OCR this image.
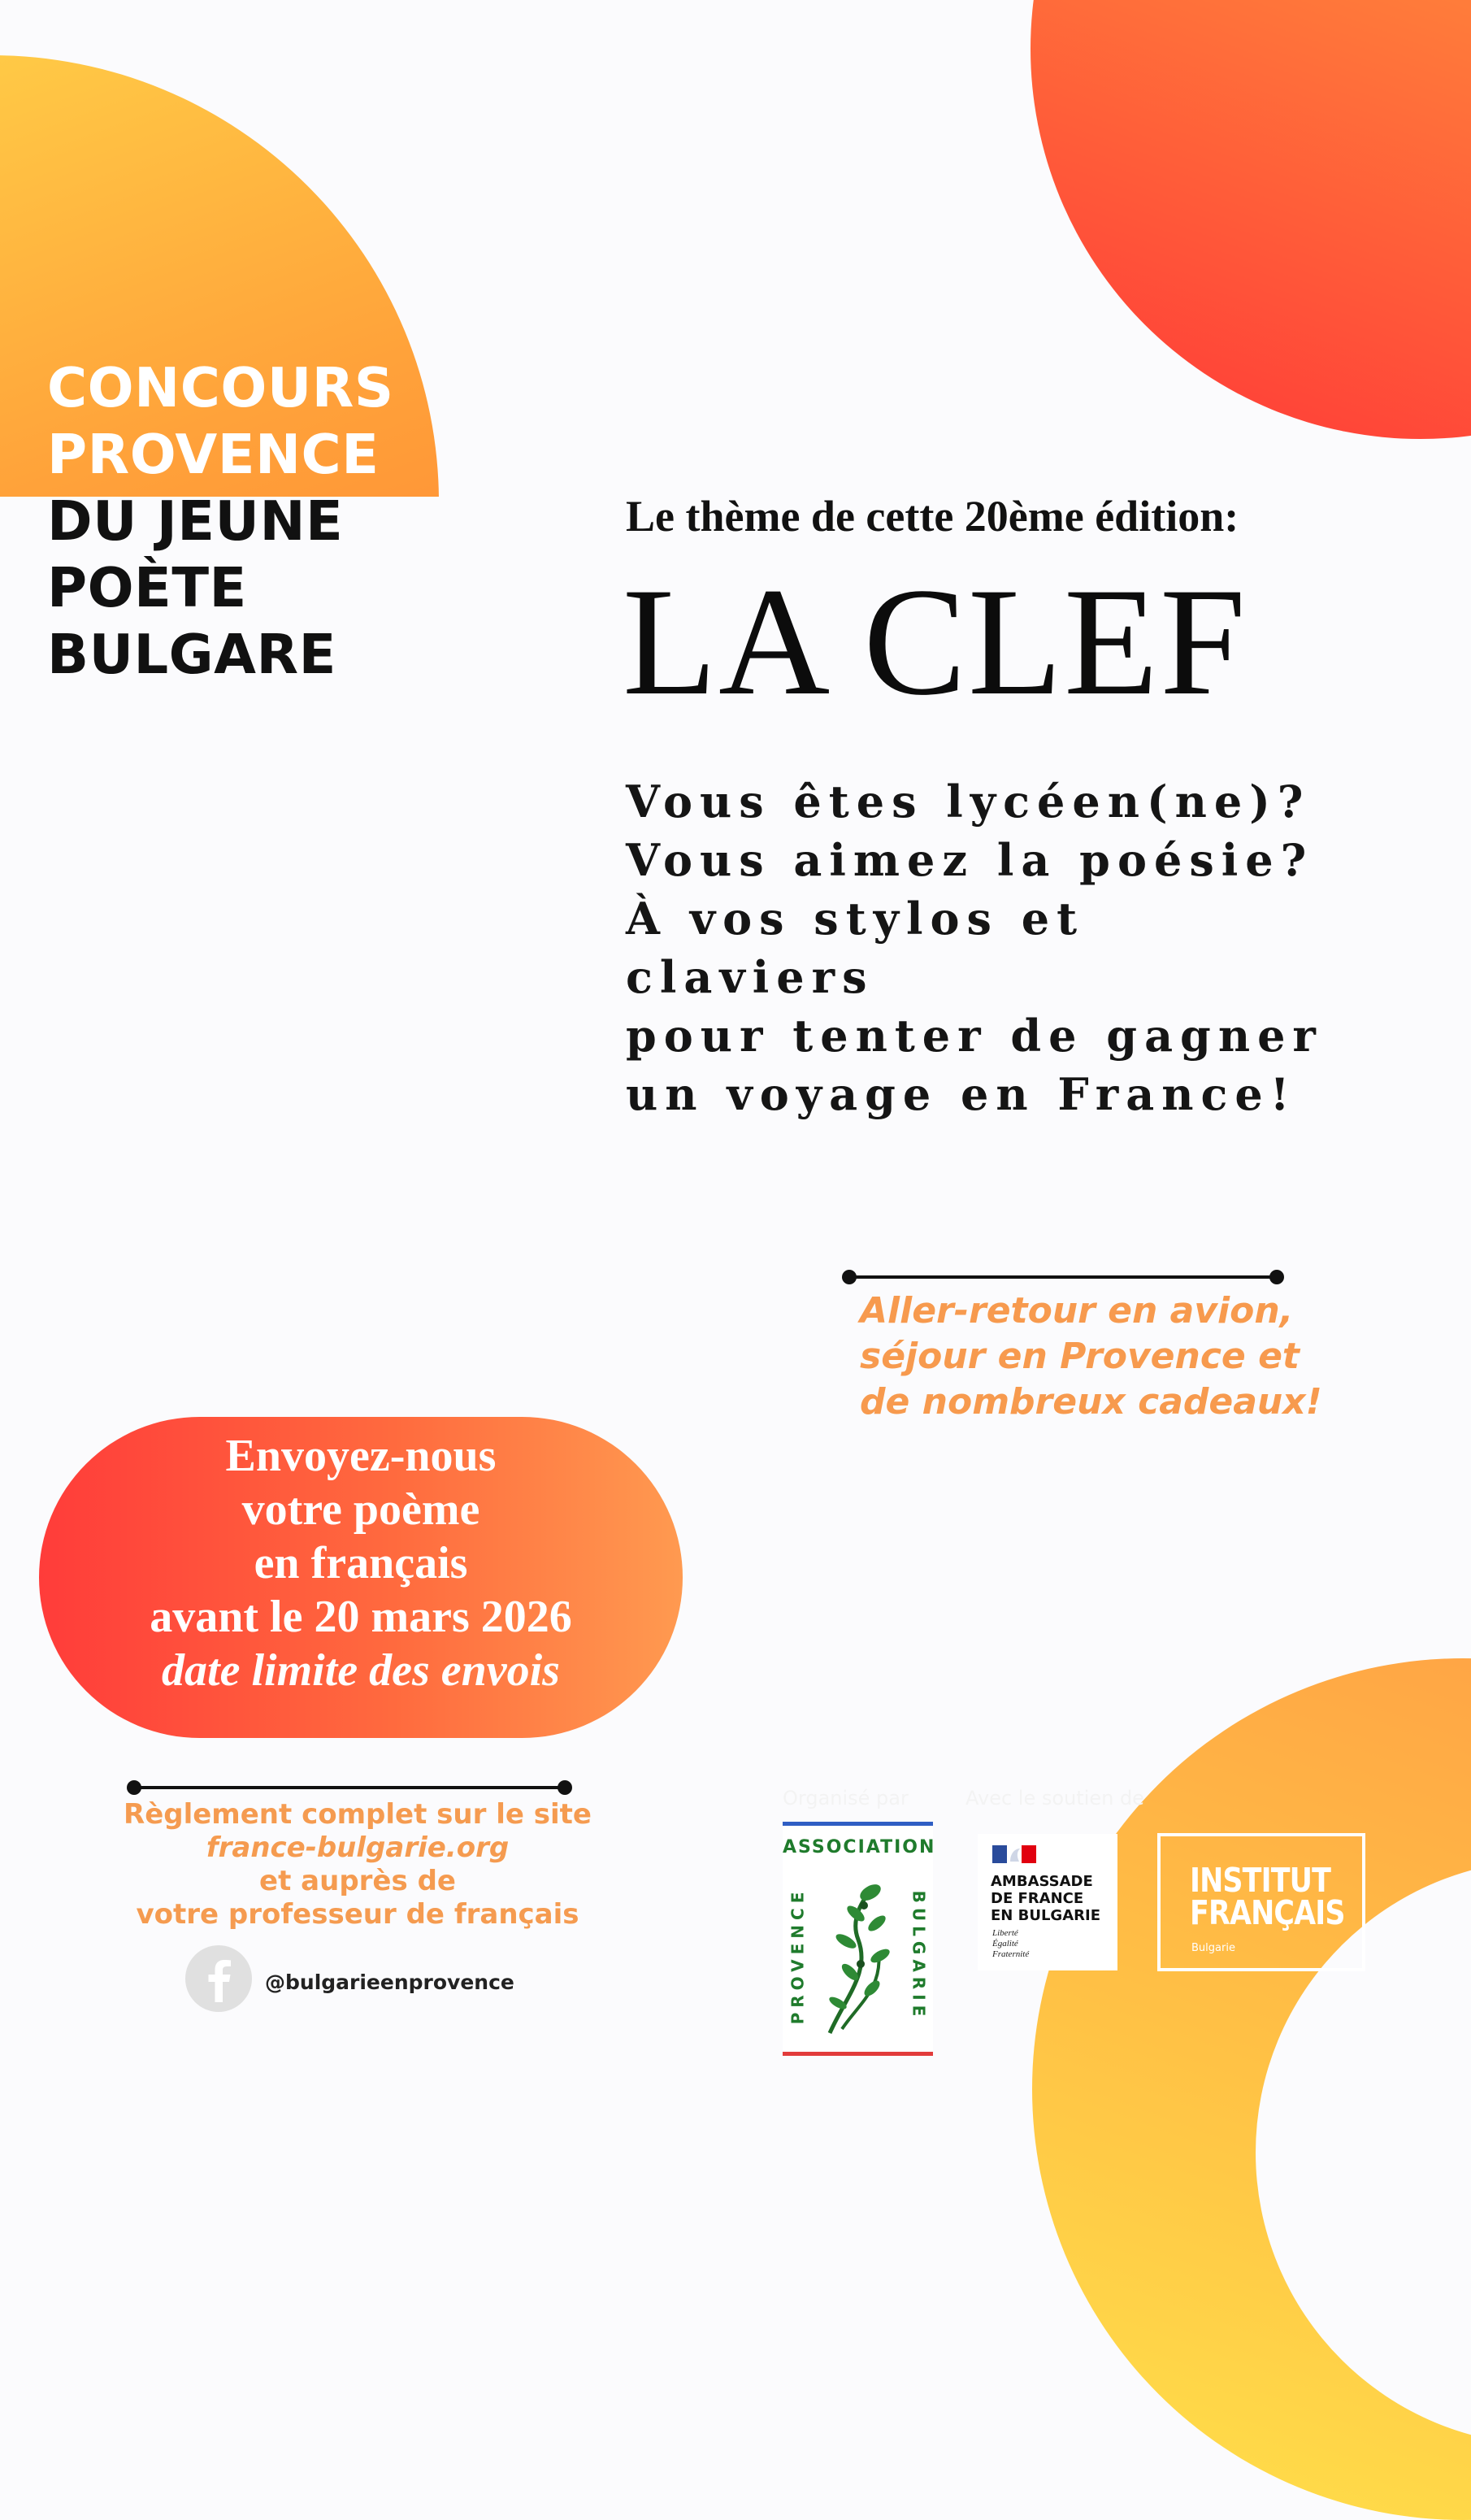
CONCOURS
PROVENCE
DU JEUNE
POÈTE
BULGARE
Le thème de cette 20ème édition:
LA CLEF
Vous êtes lycéen(ne)?
Vous aimez la poésie?
À vos stylos et
claviers
pour tenter de gagner
un voyage en France!
Aller-retour en avion,
séjour en Provence et
de nombreux cadeaux!
Envoyez-nous
votre poème
en français
avant le 20 mars 2026
date limite des envois
Règlement complet sur le site
france-bulgarie.org
et auprès de
votre professeur de français
@bulgarieenprovence
Organisé par	Avec le soutien de
ASSOCIATION
PROVENCE	BULGARIE
AMBASSADE
DE FRANCE
EN BULGARIE
Liberté
Égalité
Fraternité
INSTITUT
FRANÇAIS
Bulgarie
